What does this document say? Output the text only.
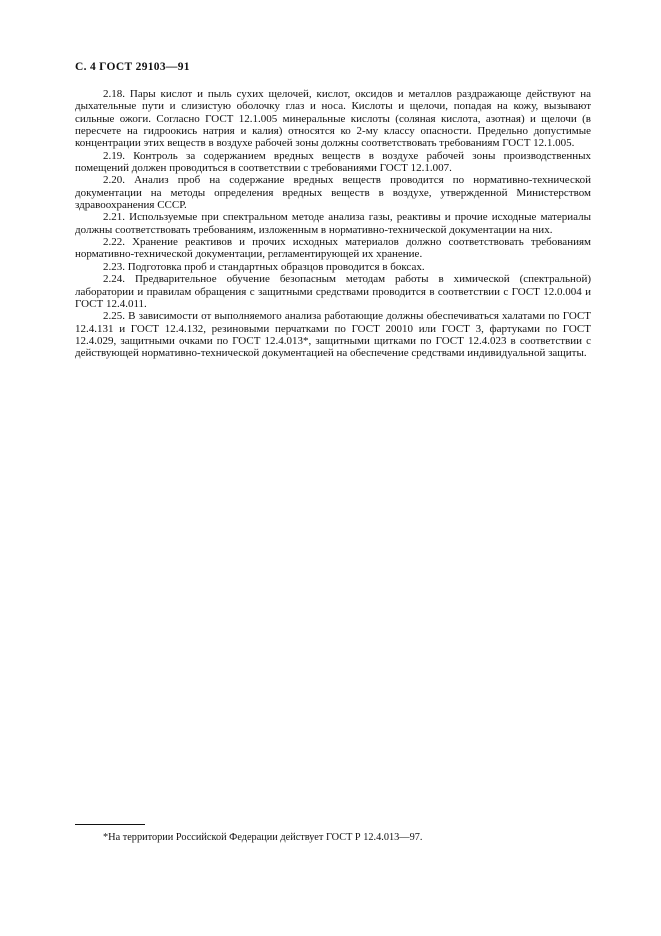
С. 4 ГОСТ 29103—91

2.18. Пары кислот и пыль сухих щелочей, кислот, оксидов и металлов раздражающе действуют на дыхательные пути и слизистую оболочку глаз и носа. Кислоты и щелочи, попадая на кожу, вызывают сильные ожоги. Согласно ГОСТ 12.1.005 минеральные кислоты (соляная кислота, азотная) и щелочи (в пересчете на гидроокись натрия и калия) относятся ко 2-му классу опасности. Предельно допустимые концентрации этих веществ в воздухе рабочей зоны должны соответствовать требованиям ГОСТ 12.1.005.

2.19. Контроль за содержанием вредных веществ в воздухе рабочей зоны производственных помещений должен проводиться в соответствии с требованиями ГОСТ 12.1.007.

2.20. Анализ проб на содержание вредных веществ проводится по нормативно-технической документации на методы определения вредных веществ в воздухе, утвержденной Министерством здравоохранения СССР.

2.21. Используемые при спектральном методе анализа газы, реактивы и прочие исходные материалы должны соответствовать требованиям, изложенным в нормативно-технической документации на них.

2.22. Хранение реактивов и прочих исходных материалов должно соответствовать требованиям нормативно-технической документации, регламентирующей их хранение.

2.23. Подготовка проб и стандартных образцов проводится в боксах.

2.24. Предварительное обучение безопасным методам работы в химической (спектральной) лаборатории и правилам обращения с защитными средствами проводится в соответствии с ГОСТ 12.0.004 и ГОСТ 12.4.011.

2.25. В зависимости от выполняемого анализа работающие должны обеспечиваться халатами по ГОСТ 12.4.131 и ГОСТ 12.4.132, резиновыми перчатками по ГОСТ 20010 или ГОСТ 3, фартуками по ГОСТ 12.4.029, защитными очками по ГОСТ 12.4.013*, защитными щитками по ГОСТ 12.4.023 в соответствии с действующей нормативно-технической документацией на обеспечение средствами индивидуальной защиты.

*На территории Российской Федерации действует ГОСТ Р 12.4.013—97.
